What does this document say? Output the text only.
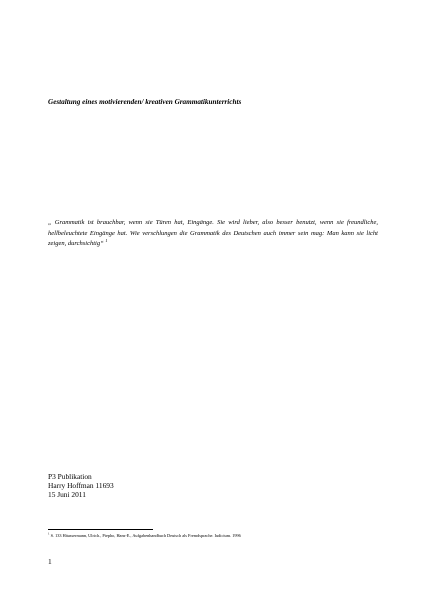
Gestaltung eines motivierenden/ kreativen Grammatikunterrichts
„ Grammatik ist brauchbar, wenn sie Türen hat, Eingänge. Sie wird lieber, also besser benutzt, wenn sie freundliche, hellbeleuchtete Eingänge hat. Wie verschlungen die Grammatik des Deutschen auch immer sein mag: Man kann sie licht zeigen, durchsichtig“ $^1$
P3 Publikation
Harry Hoffman 11693
15 Juni 2011
$^1$ S. 133 Häussermann, Ulrich., Piepho, Hans-E., Aufgabenhandbuch Deutsch als Fremdsprache. Iudicium. 1996
1
